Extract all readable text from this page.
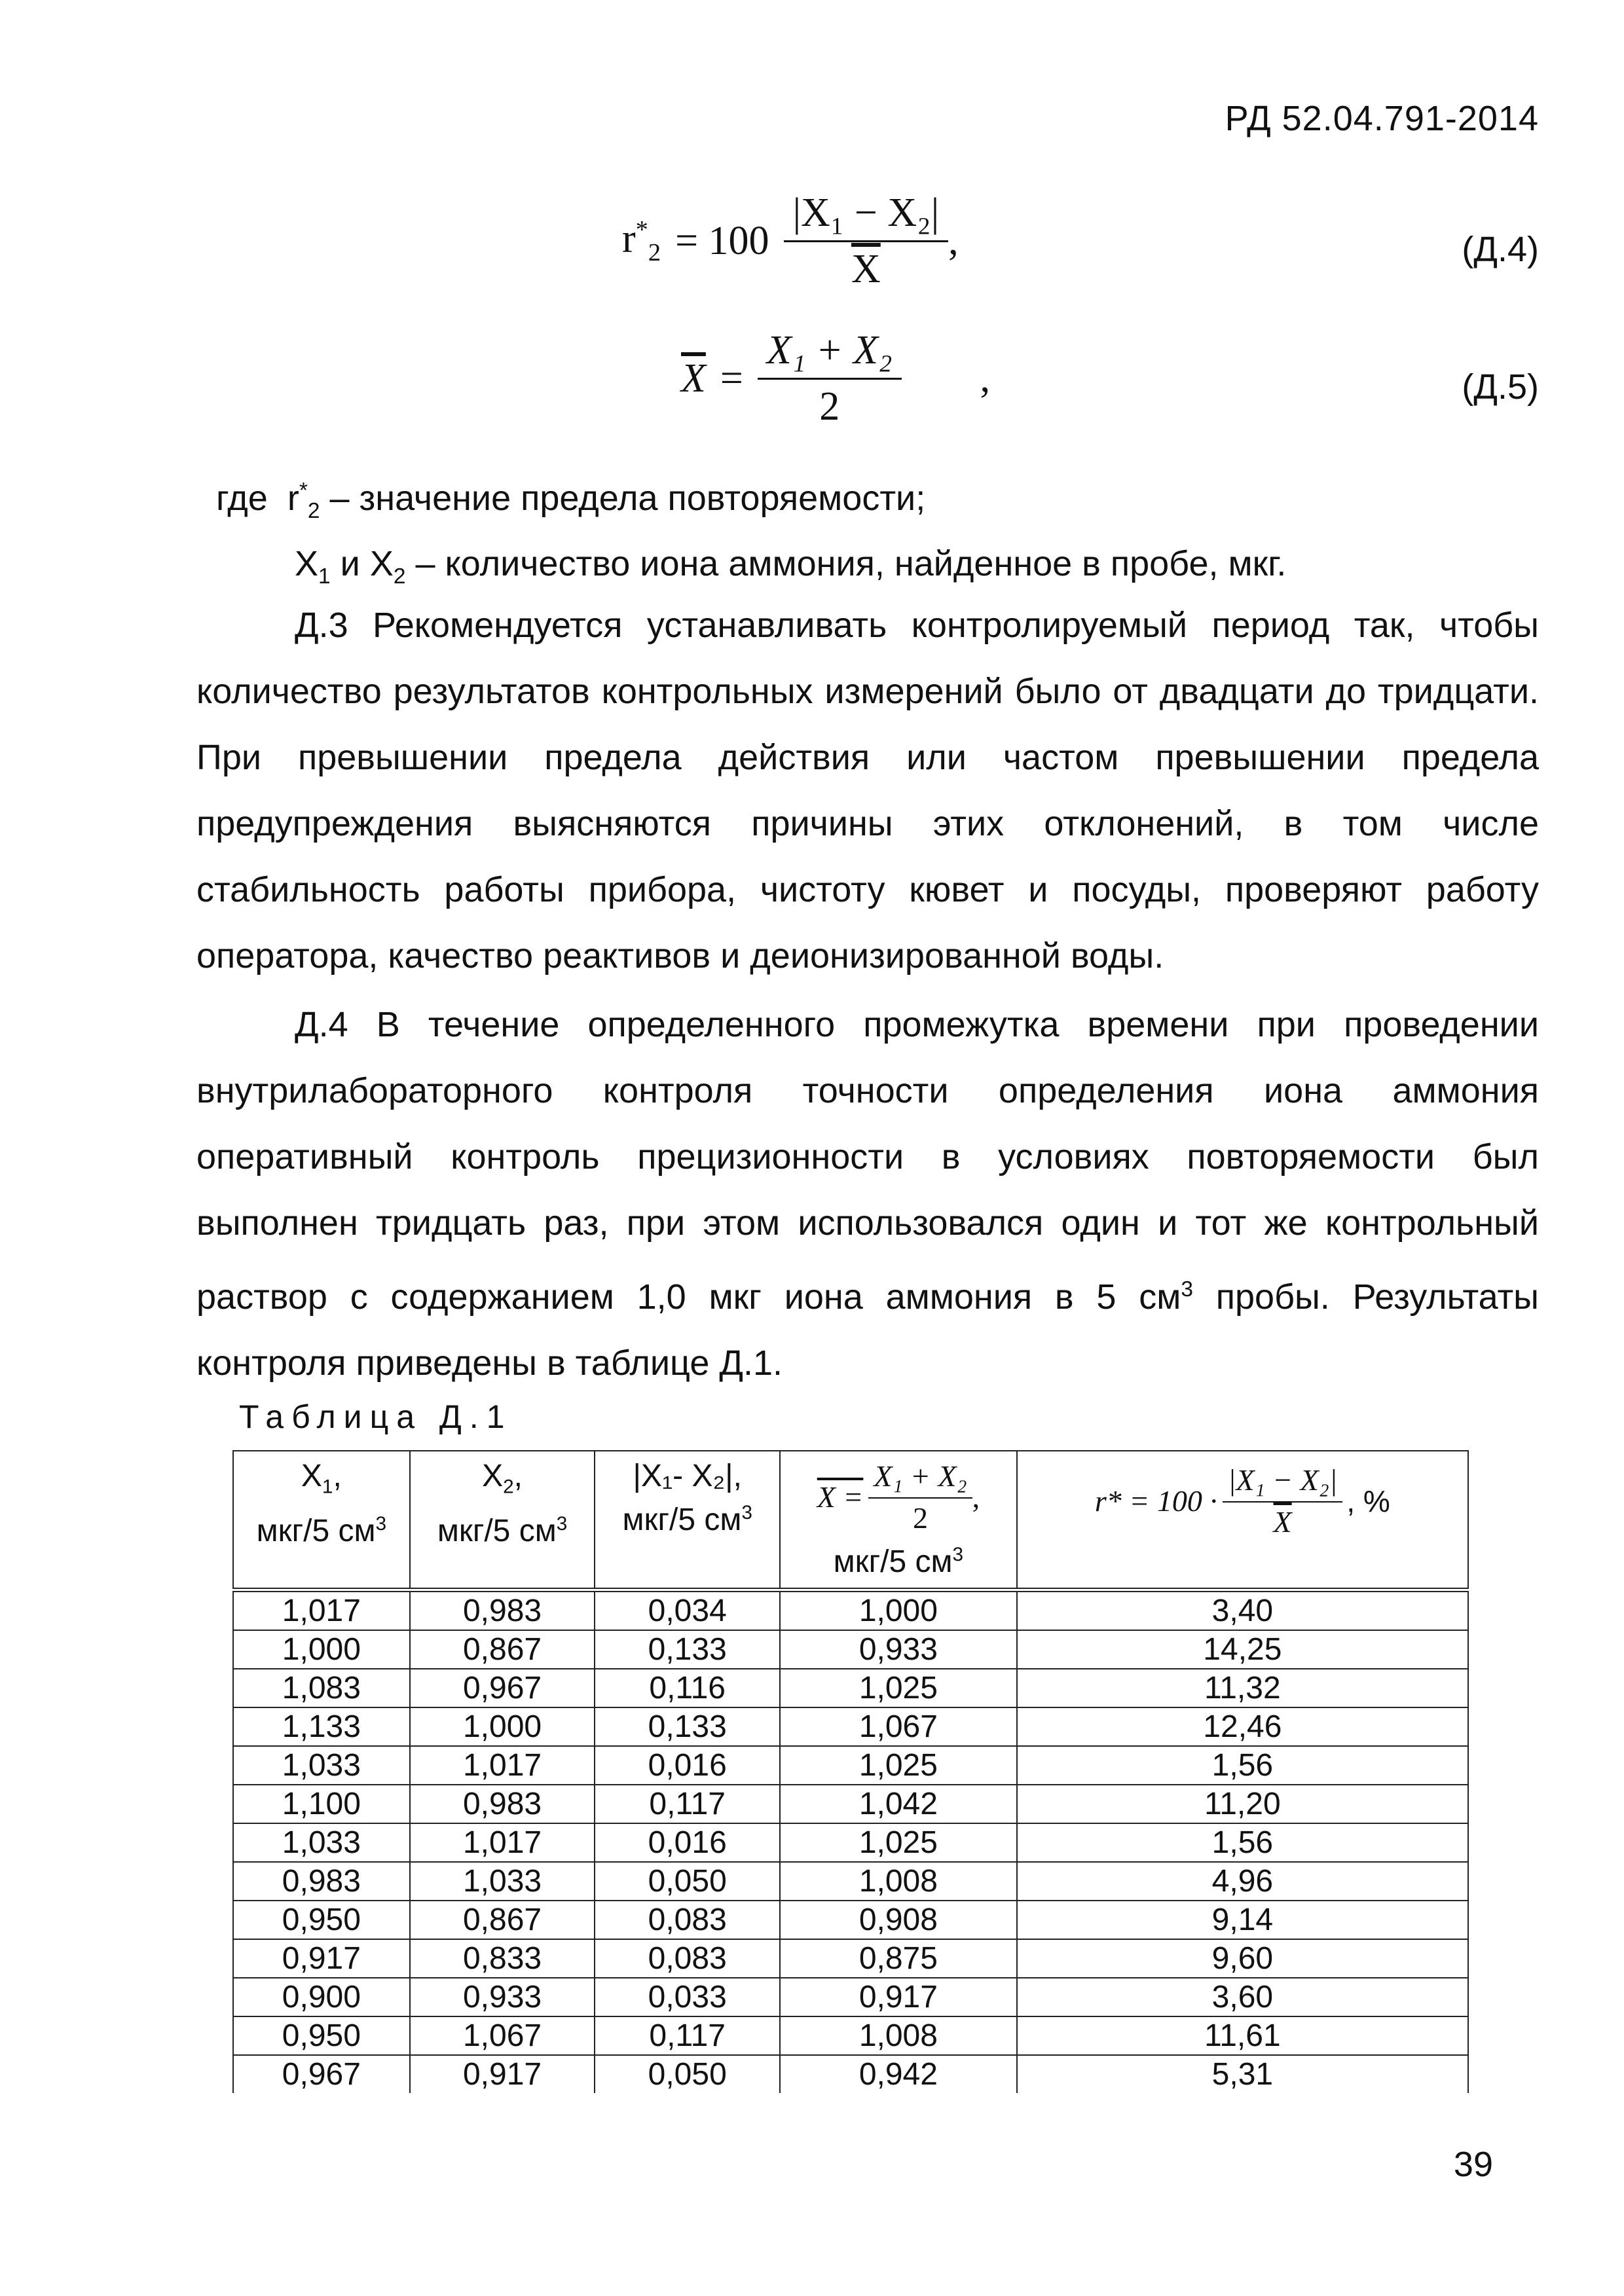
РД 52.04.791-2014
$r^*_2 = 100 \frac{\text{|X₁ − X₂|}}{X}$ ,	(Д.4)
$\overline{X} = \frac{\text{X₁ + X₂}}{2}$ ,	(Д.5)
где $r^*_2$ – значение предела повторяемости;
$X_1$ и $X_2$ – количество иона аммония, найденное в пробе, мкг.

Д.3 Рекомендуется устанавливать контролируемый период так, чтобы количество результатов контрольных измерений было от двадцати до тридцати. При превышении предела действия или частом превышении предела предупреждения выясняются причины этих отклонений, в том числе стабильность работы прибора, чистоту кювет и посуды, проверяют работу оператора, качество реактивов и деионизированной воды.

Д.4 В течение определенного промежутка времени при проведении внутрилабораторного контроля точности определения иона аммония оперативный контроль прецизионности в условиях повторяемости был выполнен тридцать раз, при этом использовался один и тот же контрольный раствор с содержанием 1,0 мкг иона аммония в 5 $см^3$ пробы. Результаты контроля приведены в таблице Д.1.

Таблица Д.1
$X_1$,
мкг/5 $см^3$	$X_2$,
мкг/5 $см^3$	|X₁- X₂|,
мкг/5 $см^3$	$X = \frac{\text{X₁ + X₂}}{2}$ ,
мкг/5 $см^3$	$r* = 100 \cdot \frac{\text{|X₁ − X₂|}}{X}$ , %

1,017	0,983	0,034	1,000	3,40
1,000	0,867	0,133	0,933	14,25
1,083	0,967	0,116	1,025	11,32
1,133	1,000	0,133	1,067	12,46
1,033	1,017	0,016	1,025	1,56
1,100	0,983	0,117	1,042	11,20
1,033	1,017	0,016	1,025	1,56
0,983	1,033	0,050	1,008	4,96
0,950	0,867	0,083	0,908	9,14
0,917	0,833	0,083	0,875	9,60
0,900	0,933	0,033	0,917	3,60
0,950	1,067	0,117	1,008	11,61
0,967	0,917	0,050	0,942	5,31
39
